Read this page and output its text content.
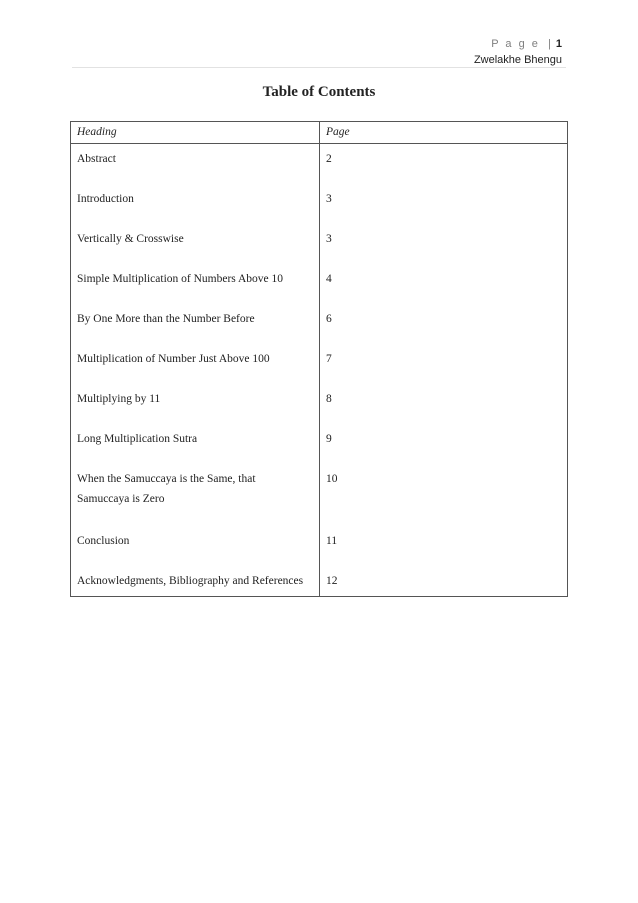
P a g e | 1
Zwelakhe Bhengu
Table of Contents
Heading	Page

Abstract	2

Introduction	3

Vertically & Crosswise	3

Simple Multiplication of Numbers Above 10	4

By One More than the Number Before	6

Multiplication of Number Just Above 100	7

Multiplying by 11	8

Long Multiplication Sutra	9

When the Samuccaya is the Same, that
Samuccaya is Zero	10

Conclusion	11

Acknowledgments, Bibliography and References	12
